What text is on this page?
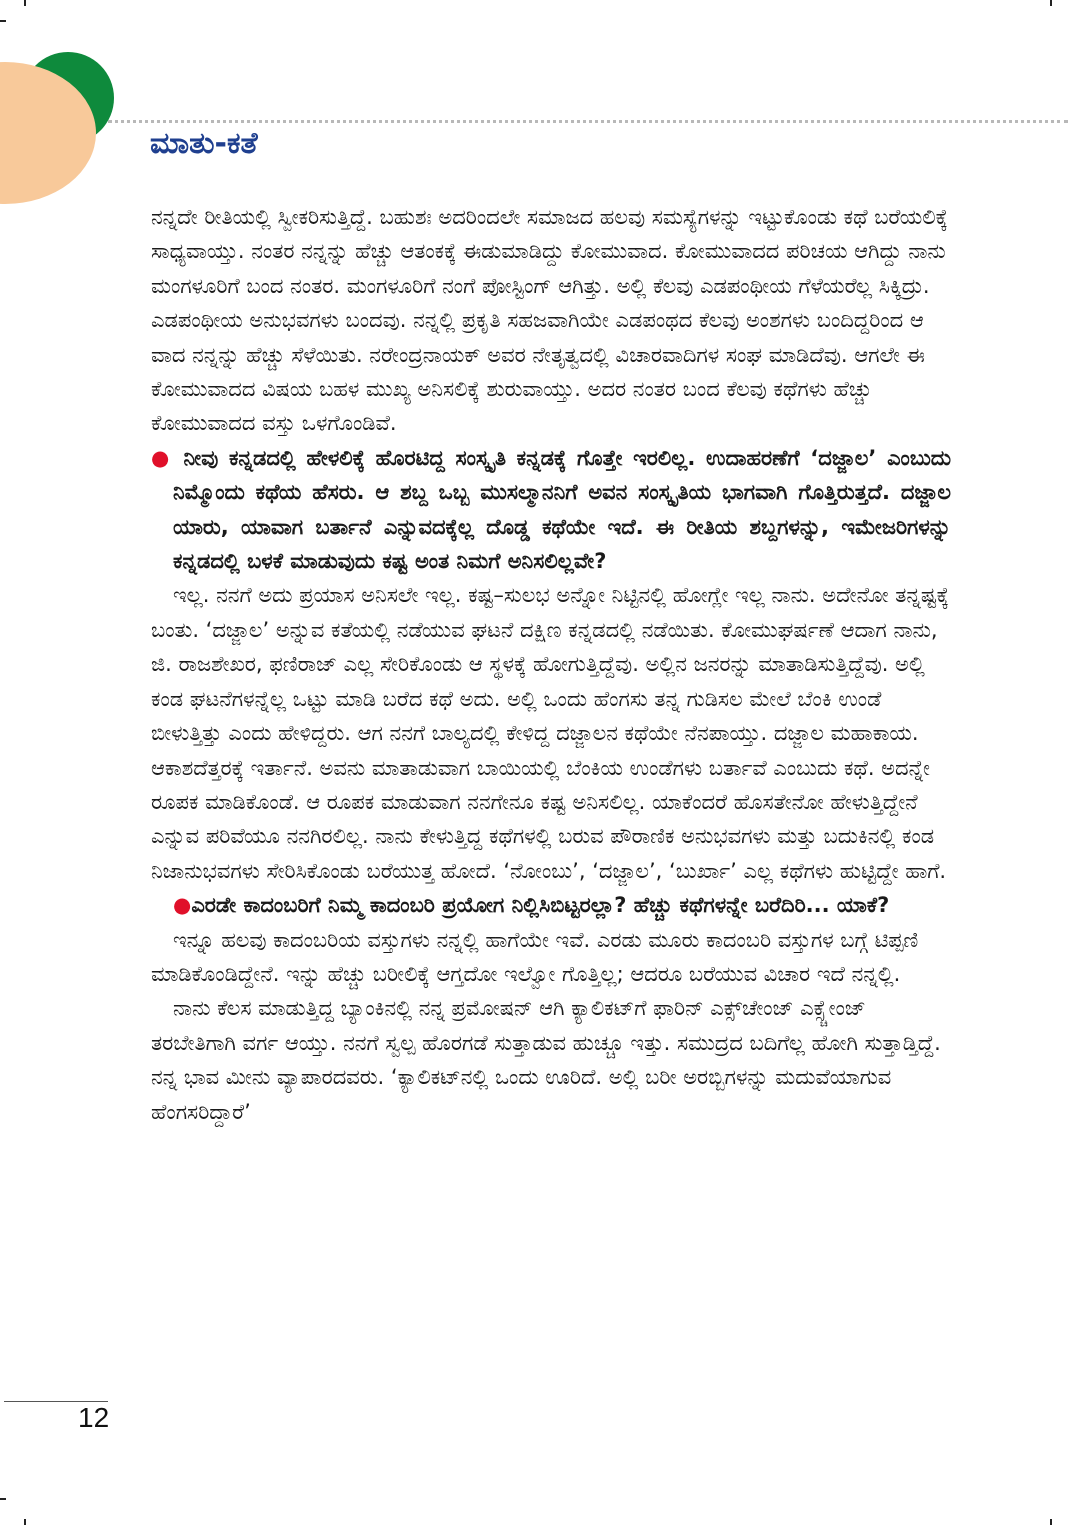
ಮಾತು-ಕತೆ

ನನ್ನದೇ ರೀತಿಯಲ್ಲಿ ಸ್ವೀಕರಿಸುತ್ತಿದ್ದೆ. ಬಹುಶಃ ಅದರಿಂದಲೇ ಸಮಾಜದ ಹಲವು ಸಮಸ್ಯೆಗಳನ್ನು ಇಟ್ಟುಕೊಂಡು ಕಥೆ ಬರೆಯಲಿಕ್ಕೆ ಸಾಧ್ಯವಾಯ್ತು. ನಂತರ ನನ್ನನ್ನು ಹೆಚ್ಚು ಆತಂಕಕ್ಕೆ ಈಡುಮಾಡಿದ್ದು ಕೋಮುವಾದ. ಕೋಮುವಾದದ ಪರಿಚಯ ಆಗಿದ್ದು ನಾನು ಮಂಗಳೂರಿಗೆ ಬಂದ ನಂತರ. ಮಂಗಳೂರಿಗೆ ನಂಗೆ ಪೋಸ್ಟಿಂಗ್ ಆಗಿತ್ತು. ಅಲ್ಲಿ ಕೆಲವು ಎಡಪಂಥೀಯ ಗೆಳೆಯರೆಲ್ಲ ಸಿಕ್ಕಿದ್ರು. ಎಡಪಂಥೀಯ ಅನುಭವಗಳು ಬಂದವು. ನನ್ನಲ್ಲಿ ಪ್ರಕೃತಿ ಸಹಜವಾಗಿಯೇ ಎಡಪಂಥದ ಕೆಲವು ಅಂಶಗಳು ಬಂದಿದ್ದರಿಂದ ಆ ವಾದ ನನ್ನನ್ನು ಹೆಚ್ಚು ಸೆಳೆಯಿತು. ನರೇಂದ್ರನಾಯಕ್ ಅವರ ನೇತೃತ್ವದಲ್ಲಿ ವಿಚಾರವಾದಿಗಳ ಸಂಘ ಮಾಡಿದೆವು. ಆಗಲೇ ಈ ಕೋಮುವಾದದ ವಿಷಯ ಬಹಳ ಮುಖ್ಯ ಅನಿಸಲಿಕ್ಕೆ ಶುರುವಾಯ್ತು. ಅದರ ನಂತರ ಬಂದ ಕೆಲವು ಕಥೆಗಳು ಹೆಚ್ಚು ಕೋಮುವಾದದ ವಸ್ತು ಒಳಗೊಂಡಿವೆ.

● ನೀವು ಕನ್ನಡದಲ್ಲಿ ಹೇಳಲಿಕ್ಕೆ ಹೊರಟಿದ್ದ ಸಂಸ್ಕೃತಿ ಕನ್ನಡಕ್ಕೆ ಗೊತ್ತೇ ಇರಲಿಲ್ಲ. ಉದಾಹರಣೆಗೆ ‘ದಜ್ಜಾಲ’ ಎಂಬುದು ನಿಮ್ಮೊಂದು ಕಥೆಯ ಹೆಸರು. ಆ ಶಬ್ದ ಒಬ್ಬ ಮುಸಲ್ಮಾನನಿಗೆ ಅವನ ಸಂಸ್ಕೃತಿಯ ಭಾಗವಾಗಿ ಗೊತ್ತಿರುತ್ತದೆ. ದಜ್ಜಾಲ ಯಾರು, ಯಾವಾಗ ಬರ್ತಾನೆ ಎನ್ನುವದಕ್ಕೆಲ್ಲ ದೊಡ್ಡ ಕಥೆಯೇ ಇದೆ. ಈ ರೀತಿಯ ಶಬ್ದಗಳನ್ನು, ಇಮೇಜರಿಗಳನ್ನು ಕನ್ನಡದಲ್ಲಿ ಬಳಕೆ ಮಾಡುವುದು ಕಷ್ಟ ಅಂತ ನಿಮಗೆ ಅನಿಸಲಿಲ್ಲವೇ?

ಇಲ್ಲ. ನನಗೆ ಅದು ಪ್ರಯಾಸ ಅನಿಸಲೇ ಇಲ್ಲ. ಕಷ್ಟ–ಸುಲಭ ಅನ್ನೋ ನಿಟ್ಟಿನಲ್ಲಿ ಹೋಗ್ಲೇ ಇಲ್ಲ ನಾನು. ಅದೇನೋ ತನ್ನಷ್ಟಕ್ಕೆ ಬಂತು. ‘ದಜ್ಜಾಲ’ ಅನ್ನುವ ಕತೆಯಲ್ಲಿ ನಡೆಯುವ ಘಟನೆ ದಕ್ಷಿಣ ಕನ್ನಡದಲ್ಲಿ ನಡೆಯಿತು. ಕೋಮುಘರ್ಷಣೆ ಆದಾಗ ನಾನು, ಜಿ. ರಾಜಶೇಖರ, ಫಣಿರಾಜ್ ಎಲ್ಲ ಸೇರಿಕೊಂಡು ಆ ಸ್ಥಳಕ್ಕೆ ಹೋಗುತ್ತಿದ್ದೆವು. ಅಲ್ಲಿನ ಜನರನ್ನು ಮಾತಾಡಿಸುತ್ತಿದ್ದೆವು. ಅಲ್ಲಿ ಕಂಡ ಘಟನೆಗಳನ್ನೆಲ್ಲ ಒಟ್ಟು ಮಾಡಿ ಬರೆದ ಕಥೆ ಅದು. ಅಲ್ಲಿ ಒಂದು ಹೆಂಗಸು ತನ್ನ ಗುಡಿಸಲ ಮೇಲೆ ಬೆಂಕಿ ಉಂಡೆ ಬೀಳುತ್ತಿತ್ತು ಎಂದು ಹೇಳಿದ್ದರು. ಆಗ ನನಗೆ ಬಾಲ್ಯದಲ್ಲಿ ಕೇಳಿದ್ದ ದಜ್ಜಾಲನ ಕಥೆಯೇ ನೆನಪಾಯ್ತು. ದಜ್ಜಾಲ ಮಹಾಕಾಯ. ಆಕಾಶದೆತ್ತರಕ್ಕೆ ಇರ್ತಾನೆ. ಅವನು ಮಾತಾಡುವಾಗ ಬಾಯಿಯಲ್ಲಿ ಬೆಂಕಿಯ ಉಂಡೆಗಳು ಬರ್ತಾವೆ ಎಂಬುದು ಕಥೆ. ಅದನ್ನೇ ರೂಪಕ ಮಾಡಿಕೊಂಡೆ. ಆ ರೂಪಕ ಮಾಡುವಾಗ ನನಗೇನೂ ಕಷ್ಟ ಅನಿಸಲಿಲ್ಲ. ಯಾಕೆಂದರೆ ಹೊಸತೇನೋ ಹೇಳುತ್ತಿದ್ದೇನೆ ಎನ್ನುವ ಪರಿವೆಯೂ ನನಗಿರಲಿಲ್ಲ. ನಾನು ಕೇಳುತ್ತಿದ್ದ ಕಥೆಗಳಲ್ಲಿ ಬರುವ ಪೌರಾಣಿಕ ಅನುಭವಗಳು ಮತ್ತು ಬದುಕಿನಲ್ಲಿ ಕಂಡ ನಿಜಾನುಭವಗಳು ಸೇರಿಸಿಕೊಂಡು ಬರೆಯುತ್ತ ಹೋದೆ. ‘ನೋಂಬು’, ‘ದಜ್ಜಾಲ’, ‘ಬುರ್ಖಾ’ ಎಲ್ಲ ಕಥೆಗಳು ಹುಟ್ಟಿದ್ದೇ ಹಾಗೆ.

●ಎರಡೇ ಕಾದಂಬರಿಗೆ ನಿಮ್ಮ ಕಾದಂಬರಿ ಪ್ರಯೋಗ ನಿಲ್ಲಿಸಿಬಿಟ್ಟರಲ್ಲಾ? ಹೆಚ್ಚು ಕಥೆಗಳನ್ನೇ ಬರೆದಿರಿ... ಯಾಕೆ?

ಇನ್ನೂ ಹಲವು ಕಾದಂಬರಿಯ ವಸ್ತುಗಳು ನನ್ನಲ್ಲಿ ಹಾಗೆಯೇ ಇವೆ. ಎರಡು ಮೂರು ಕಾದಂಬರಿ ವಸ್ತುಗಳ ಬಗ್ಗೆ ಟಿಪ್ಪಣಿ ಮಾಡಿಕೊಂಡಿದ್ದೇನೆ. ಇನ್ನು ಹೆಚ್ಚು ಬರೀಲಿಕ್ಕೆ ಆಗ್ತದೋ ಇಲ್ವೋ ಗೊತ್ತಿಲ್ಲ; ಆದರೂ ಬರೆಯುವ ವಿಚಾರ ಇದೆ ನನ್ನಲ್ಲಿ.

ನಾನು ಕೆಲಸ ಮಾಡುತ್ತಿದ್ದ ಬ್ಯಾಂಕಿನಲ್ಲಿ ನನ್ನ ಪ್ರಮೋಷನ್ ಆಗಿ ಕ್ಯಾಲಿಕಟ್‌ಗೆ ಫಾರಿನ್ ಎಕ್ಸ್‌ಚೇಂಜ್ ಎಕ್ಸ್ಚೇಂಜ್ ತರಬೇತಿಗಾಗಿ ವರ್ಗ ಆಯ್ತು. ನನಗೆ ಸ್ವಲ್ಪ ಹೊರಗಡೆ ಸುತ್ತಾಡುವ ಹುಚ್ಚೂ ಇತ್ತು. ಸಮುದ್ರದ ಬದಿಗೆಲ್ಲ ಹೋಗಿ ಸುತ್ತಾಡ್ತಿದ್ದೆ. ನನ್ನ ಭಾವ ಮೀನು ವ್ಯಾಪಾರದವರು. ‘ಕ್ಯಾಲಿಕಟ್‌ನಲ್ಲಿ ಒಂದು ಊರಿದೆ. ಅಲ್ಲಿ ಬರೀ ಅರಬ್ಬಿಗಳನ್ನು ಮದುವೆಯಾಗುವ ಹೆಂಗಸರಿದ್ದಾರೆ’

12
